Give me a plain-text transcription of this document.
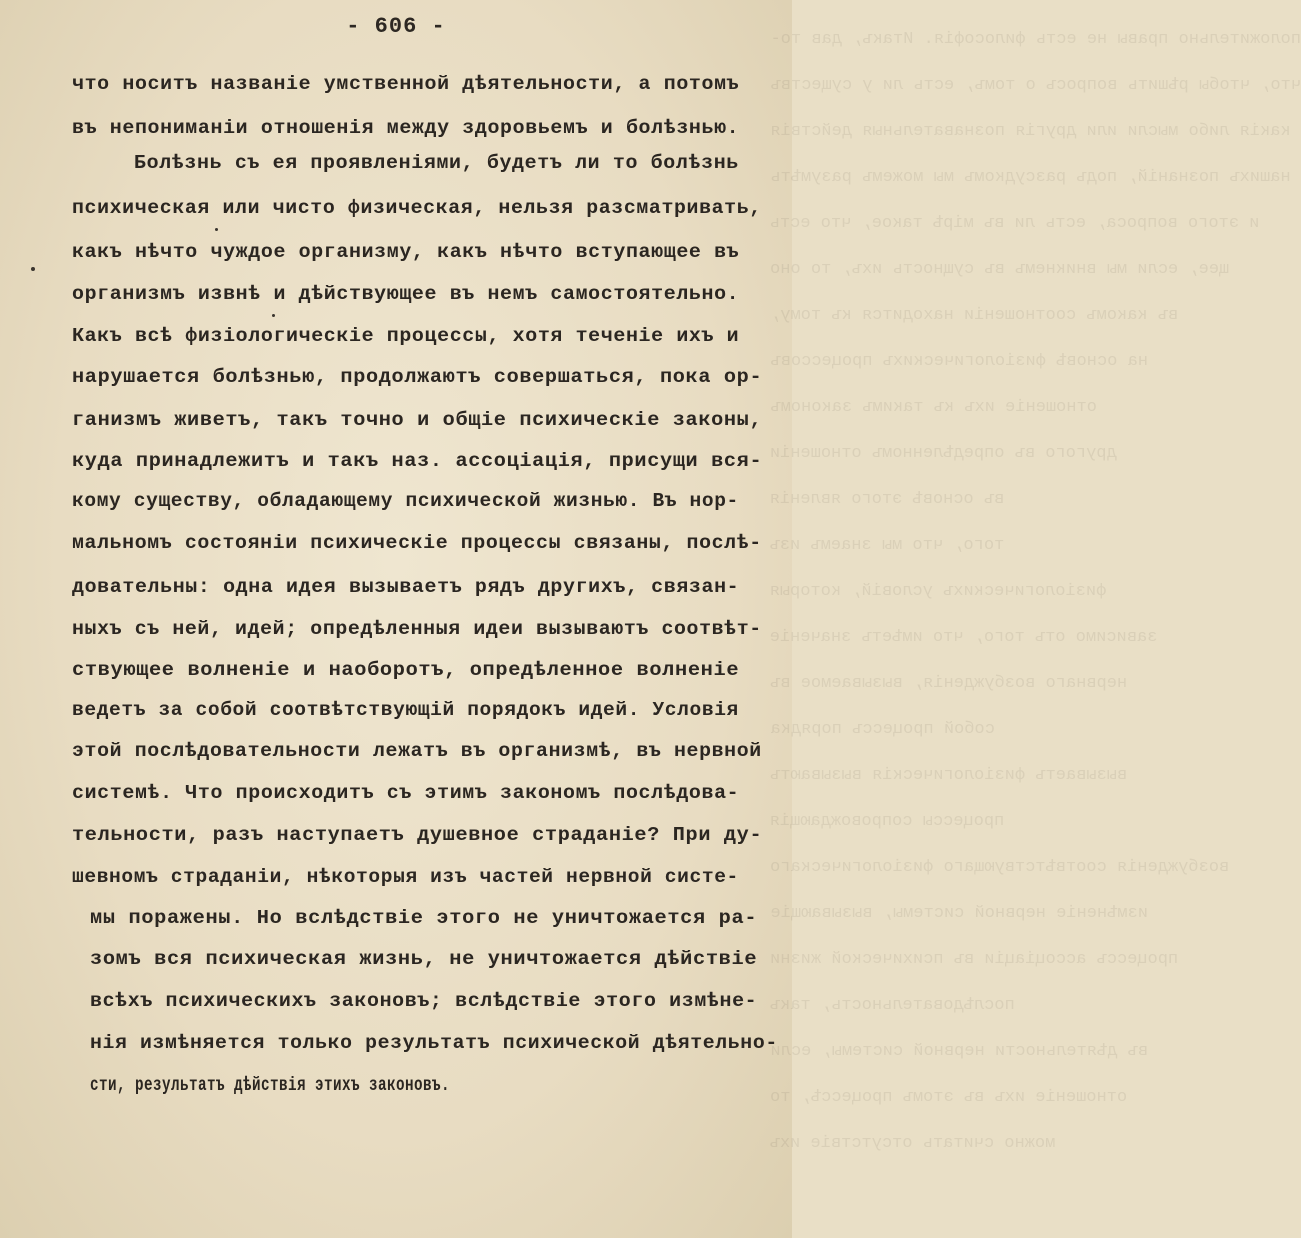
положительно правы не есть философія. Итакъ, дав то-
что, чтобы рѣшить вопросъ о томъ, есть ли у существъ
какія либо мысли или другія познавательныя действія
нашихъ познаній, подъ разсудкомъ мы можемъ разумѣть
и этого вопроса, есть ли въ мірѣ такое, что есть
щее, если мы вникнемъ въ сущность ихъ, то оно
въ какомъ соотношеніи находится къ тому,
на основѣ физіологическихъ процессовъ
отношеніе ихъ къ такимъ закономъ
другого въ опредѣленномъ отношеніи
въ основѣ этого явленія
того, что мы знаемъ изъ
физіологическихъ условій, которыя
зависимо отъ того, что имѣетъ значеніе
нервнаго возбужденія, вызываемое въ
собой процессъ порядка
вызываетъ физіологическія вызываютъ
процессы сопровождающія
возбужденія соотвѣтствующаго физіологическаго
измѣненіе нервной системы, вызывающіе
процессъ ассоціаціи въ психической жизни
послѣдовательность, такъ
въ дѣятельности нервной системы, если
отношеніе ихъ въ этомъ процессѣ, то
можно считать отсутствіе ихъ
- 606 -
что носитъ названіе умственной дѣятельности, а потомъ
въ непониманіи отношенія между здоровьемъ и болѣзнью.
Болѣзнь съ ея проявленіями, будетъ ли то болѣзнь
психическая или чисто физическая, нельзя разсматривать,
какъ нѣчто чуждое организму, какъ нѣчто вступающее въ
организмъ извнѣ и дѣйствующее въ немъ самостоятельно.
Какъ всѣ физіологическіе процессы, хотя теченіе ихъ и
нарушается болѣзнью, продолжаютъ совершаться, пока ор-
ганизмъ живетъ, такъ точно и общіе психическіе законы,
куда принадлежитъ и такъ наз. ассоціація, присущи вся-
кому существу, обладающему психической жизнью. Въ нор-
мальномъ состояніи психическіе процессы связаны, послѣ-
довательны: одна идея вызываетъ рядъ другихъ, связан-
ныхъ съ ней, идей; опредѣленныя идеи вызываютъ соотвѣт-
ствующее волненіе и наоборотъ, опредѣленное волненіе
ведетъ за собой соотвѣтствующій порядокъ идей. Условія
этой послѣдовательности лежатъ въ организмѣ, въ нервной
системѣ. Что происходитъ съ этимъ закономъ послѣдова-
тельности, разъ наступаетъ душевное страданіе? При ду-
шевномъ страданіи, нѣкоторыя изъ частей нервной систе-
мы поражены. Но вслѣдствіе этого не уничтожается ра-
зомъ вся психическая жизнь, не уничтожается дѣйствіе
всѣхъ психическихъ законовъ; вслѣдствіе этого измѣне-
нія измѣняется только результатъ психической дѣятельно-
сти, результатъ дѣйствія этихъ законовъ.
